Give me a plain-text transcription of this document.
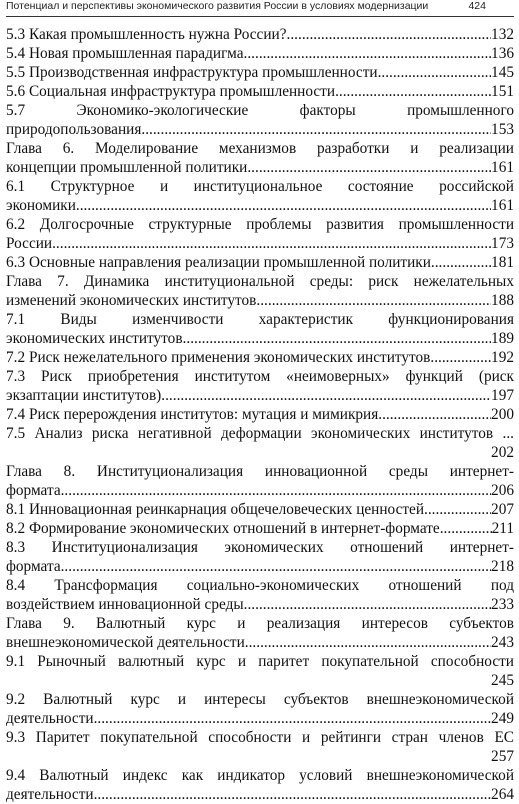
Потенциал и перспективы экономического развития России в условиях модернизации	424
5.3 Какая промышленность нужна России? .....	132
5.4 Новая промышленная парадигма .....	136
5.5 Производственная инфраструктура промышленности .....	145
5.6 Социальная инфраструктура промышленности .....	151
5.7 Экономико-экологические факторы промышленного
природопользования .....	153
Глава 6. Моделирование механизмов разработки и реализации
концепции промышленной политики .....	161
6.1 Структурное и институциональное состояние российской
экономики .....	161
6.2 Долгосрочные структурные проблемы развития промышленности
России .....	173
6.3 Основные направления реализации промышленной политики .....	181
Глава 7. Динамика институциональной среды: риск нежелательных
изменений экономических институтов .....	188
7.1 Виды изменчивости характеристик функционирования
экономических институтов .....	189
7.2 Риск нежелательного применения экономических институтов .....	192
7.3 Риск приобретения институтом «неимоверных» функций (риск
экзаптации институтов) .....	197
7.4 Риск перерождения институтов: мутация и мимикрия .....	200
7.5 Анализ риска негативной деформации экономических институтов ...
202
Глава 8. Институционализация инновационной среды интернет-
формата .....	206
8.1 Инновационная реинкарнация общечеловеческих ценностей .....	207
8.2 Формирование экономических отношений в интернет-формате .....	211
8.3 Институционализация экономических отношений интернет-
формата .....	218
8.4 Трансформация социально-экономических отношений под
воздействием инновационной среды .....	233
Глава 9. Валютный курс и реализация интересов субъектов
внешнеэкономической деятельности .....	243
9.1 Рыночный валютный курс и паритет покупательной способности
245
9.2 Валютный курс и интересы субъектов внешнеэкономической
деятельности .....	249
9.3 Паритет покупательной способности и рейтинги стран членов ЕС
257
9.4 Валютный индекс как индикатор условий внешнеэкономической
деятельности .....	264
